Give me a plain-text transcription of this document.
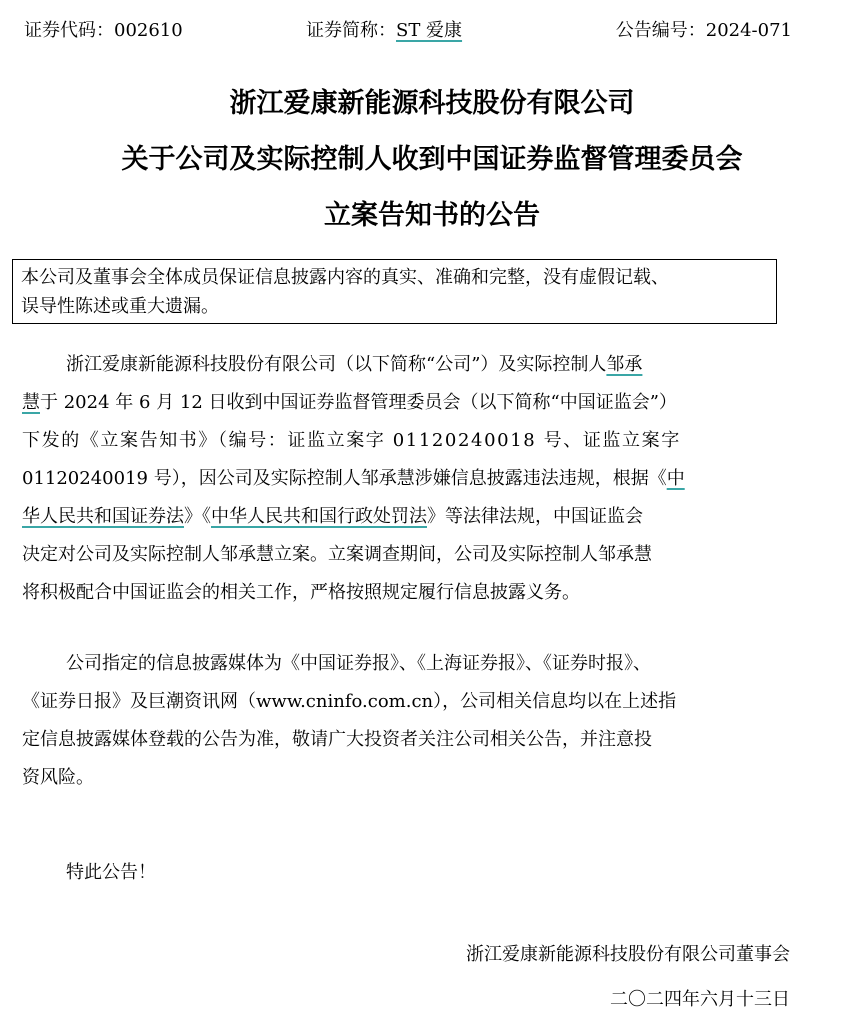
证券代码：002610	证券简称：ST 爱康	公告编号：2024-071
浙江爱康新能源科技股份有限公司
关于公司及实际控制人收到中国证券监督管理委员会
立案告知书的公告
本公司及董事会全体成员保证信息披露内容的真实、准确和完整，没有虚假记载、
误导性陈述或重大遗漏。
浙江爱康新能源科技股份有限公司（以下简称“公司”）及实际控制人邹承
慧于 2024 年 6 月 12 日收到中国证券监督管理委员会（以下简称“中国证监会”）
下发的《立案告知书》（编号：证监立案字 01120240018 号、证监立案字
01120240019 号），因公司及实际控制人邹承慧涉嫌信息披露违法违规，根据《中
华人民共和国证券法》《中华人民共和国行政处罚法》等法律法规，中国证监会
决定对公司及实际控制人邹承慧立案。立案调查期间，公司及实际控制人邹承慧
将积极配合中国证监会的相关工作，严格按照规定履行信息披露义务。
公司指定的信息披露媒体为《中国证券报》、《上海证券报》、《证券时报》、
《证券日报》及巨潮资讯网（www.cninfo.com.cn），公司相关信息均以在上述指
定信息披露媒体登载的公告为准，敬请广大投资者关注公司相关公告，并注意投
资风险。
特此公告！
浙江爱康新能源科技股份有限公司董事会
二〇二四年六月十三日
